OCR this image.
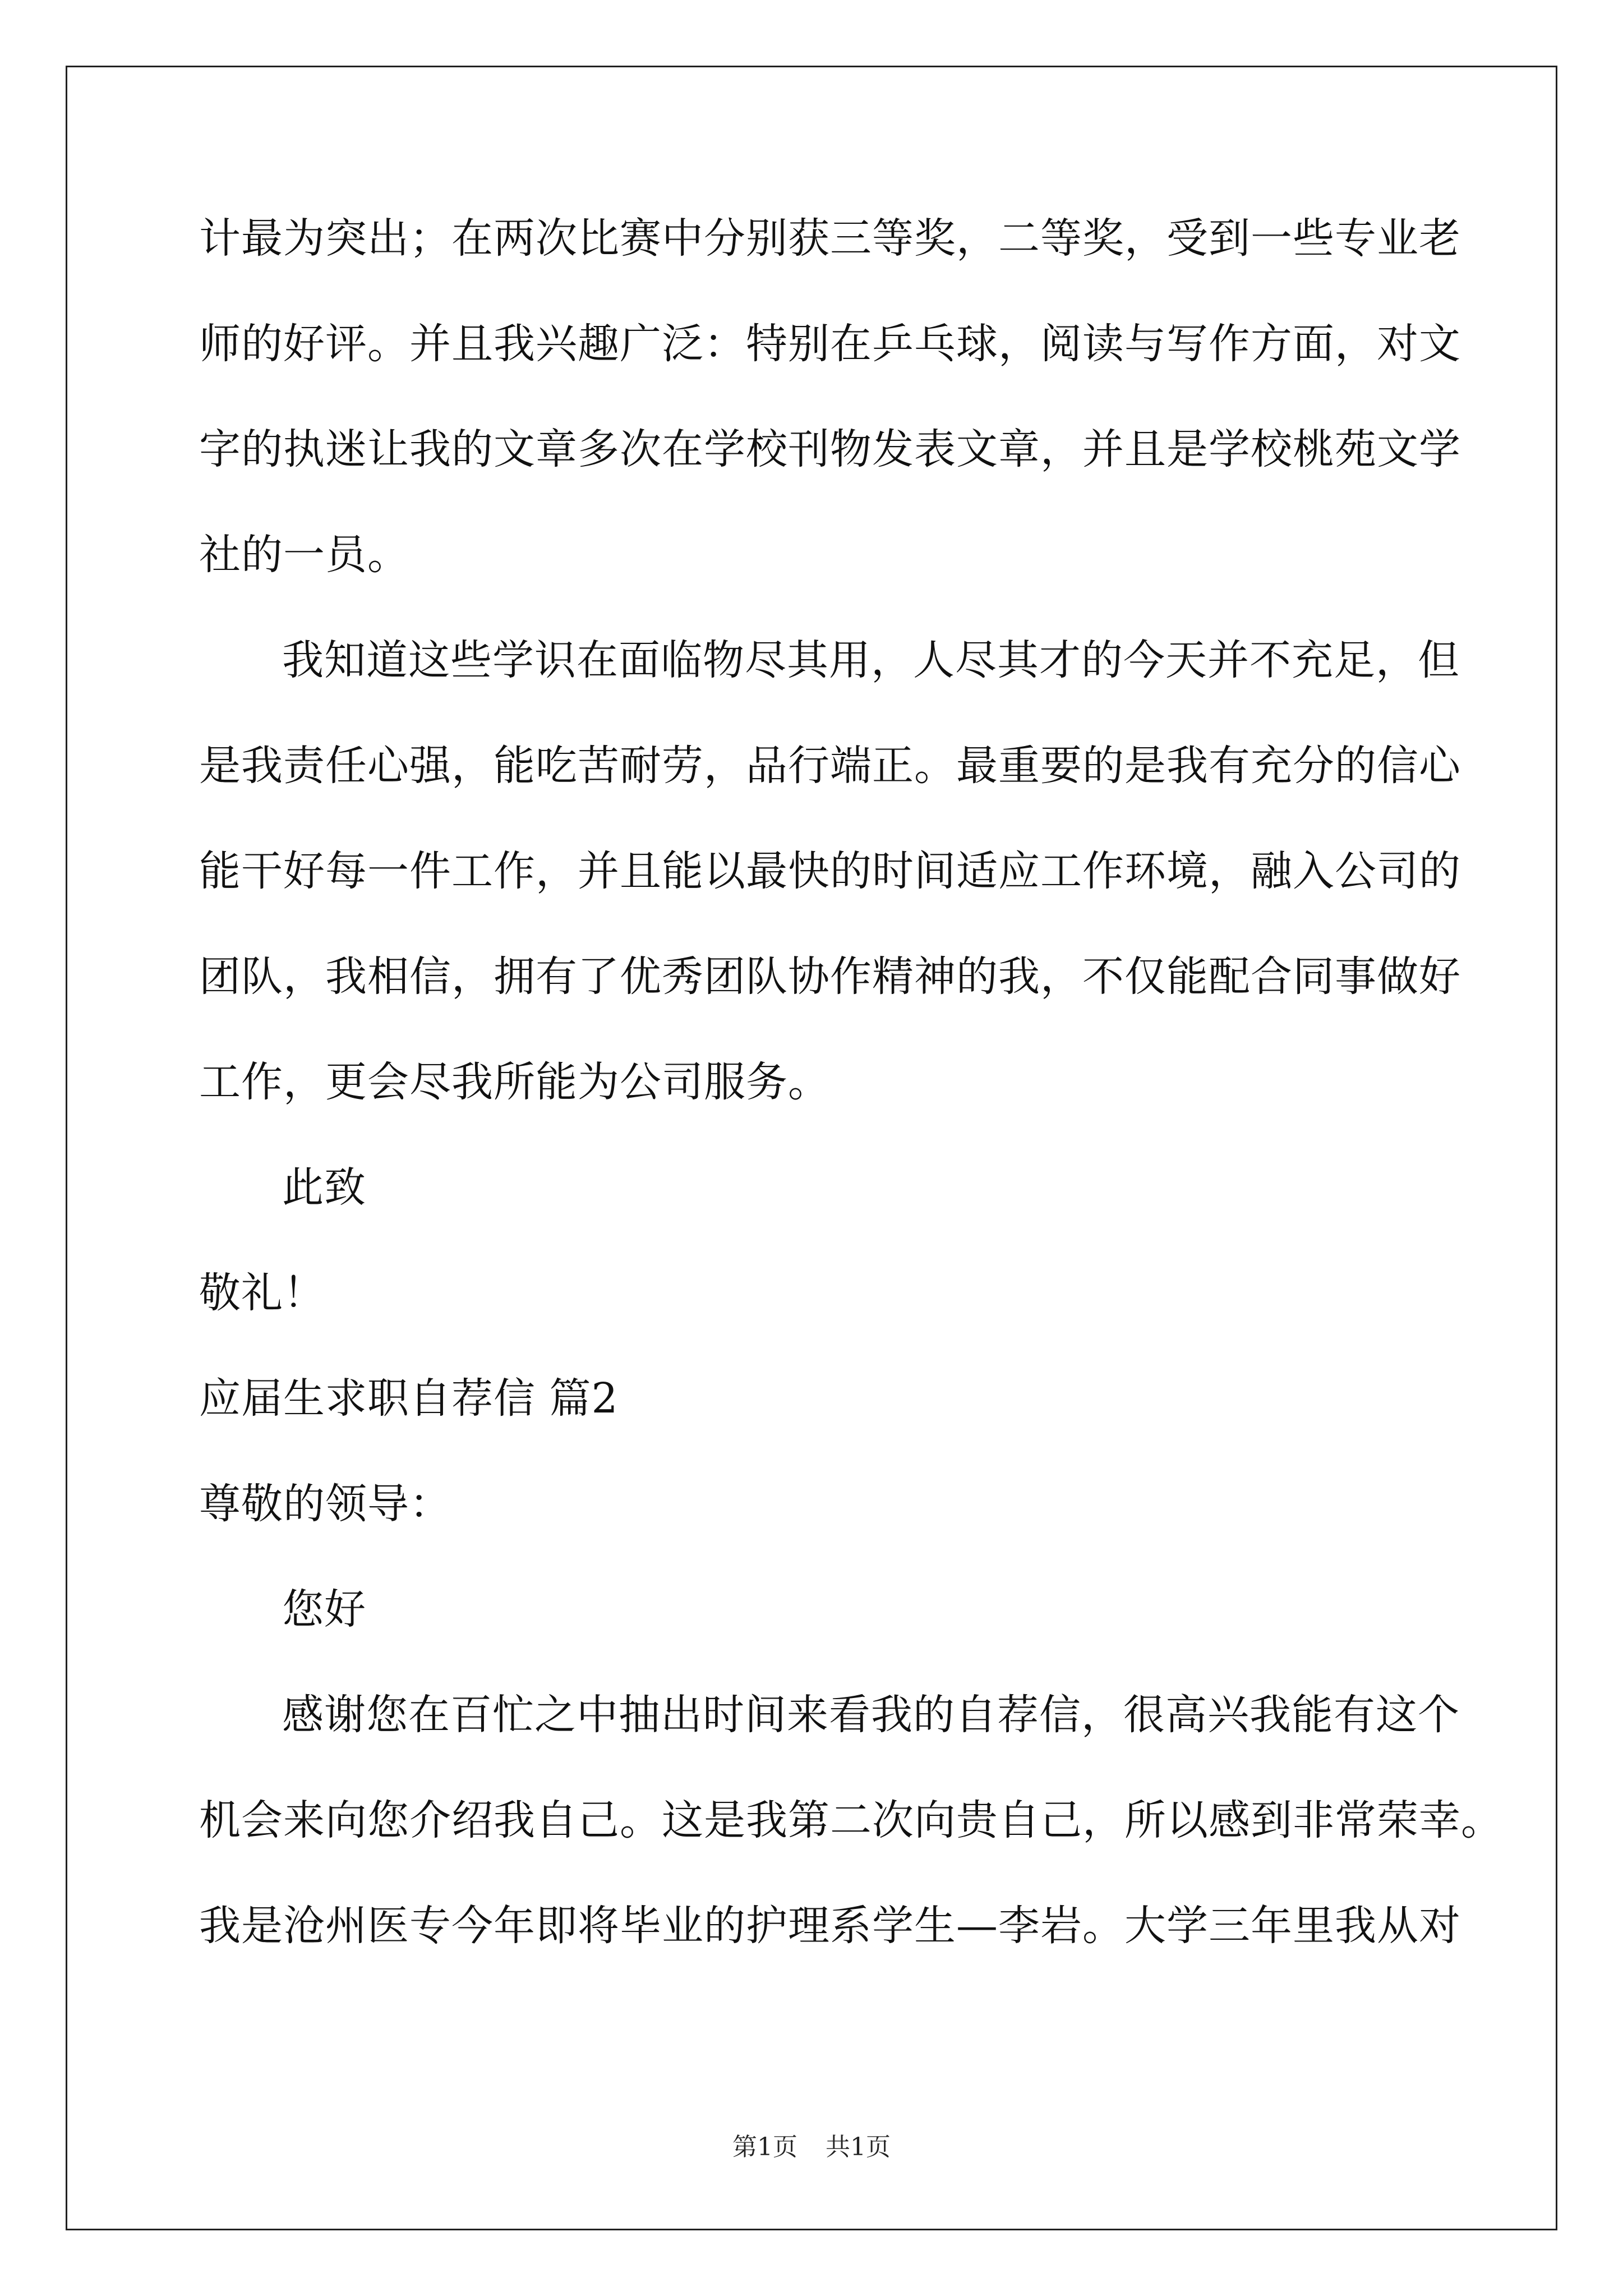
计最为突出；在两次比赛中分别获三等奖，二等奖，受到一些专业老
师的好评。并且我兴趣广泛：特别在乒乓球，阅读与写作方面，对文
字的执迷让我的文章多次在学校刊物发表文章，并且是学校桃苑文学
社的一员。
我知道这些学识在面临物尽其用，人尽其才的今天并不充足，但
是我责任心强，能吃苦耐劳，品行端正。最重要的是我有充分的信心
能干好每一件工作，并且能以最快的时间适应工作环境，融入公司的
团队，我相信，拥有了优秀团队协作精神的我，不仅能配合同事做好
工作，更会尽我所能为公司服务。
此致
敬礼！
应届生求职自荐信 篇2
尊敬的领导：
您好
感谢您在百忙之中抽出时间来看我的自荐信，很高兴我能有这个
机会来向您介绍我自己。这是我第二次向贵自己，所以感到非常荣幸。
我是沧州医专今年即将毕业的护理系学生—李岩。大学三年里我从对
第1页 共1页
